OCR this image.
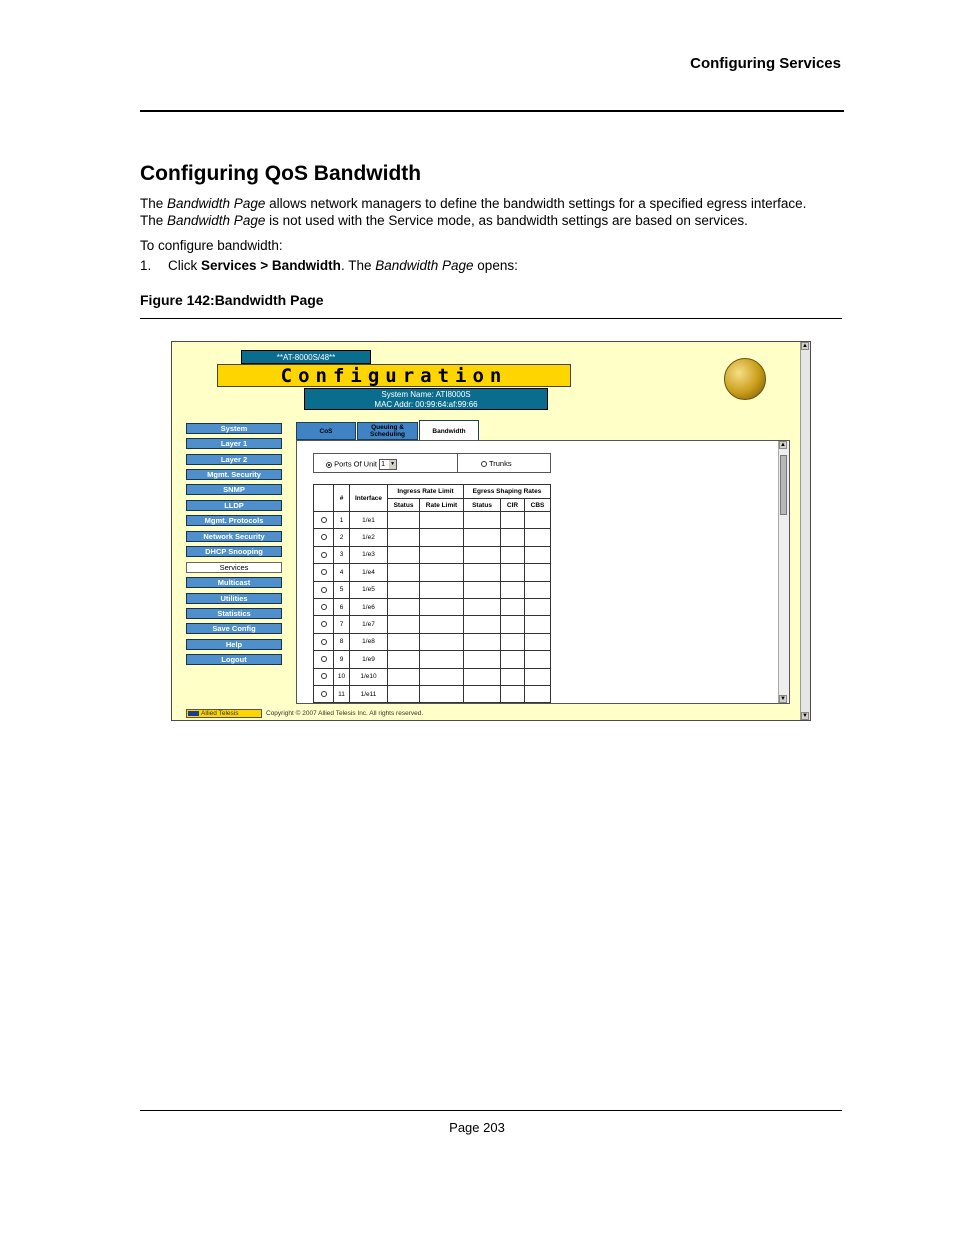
Configuring Services
Configuring QoS Bandwidth
The Bandwidth Page allows network managers to define the bandwidth settings for a specified egress interface.
The Bandwidth Page is not used with the Service mode, as bandwidth settings are based on services.
To configure bandwidth:
1. Click Services > Bandwidth. The Bandwidth Page opens:
Figure 142:Bandwidth Page
**AT-8000S/48**
Configuration
System Name: ATI8000S
MAC Addr: 00:99:64:af:99:66
System
Layer 1
Layer 2
Mgmt. Security
SNMP
LLDP
Mgmt. Protocols
Network Security
DHCP Snooping
Services
Multicast
Utilities
Statistics
Save Config
Help
Logout
CoS	Queuing & Scheduling	Bandwidth
Ports Of Unit 1 ▼	Trunks
	#	Interface	Ingress Rate Limit		Egress Shaping Rates		
			Status	Rate Limit	Status	CIR	CBS
	1	1/e1					
	2	1/e2					
	3	1/e3					
	4	1/e4					
	5	1/e5					
	6	1/e6					
	7	1/e7					
	8	1/e8					
	9	1/e9					
	10	1/e10					
	11	1/e11					
▲
▼
Allied Telesis	Copyright © 2007 Allied Telesis Inc. All rights reserved.
▲
▼
Page 203
